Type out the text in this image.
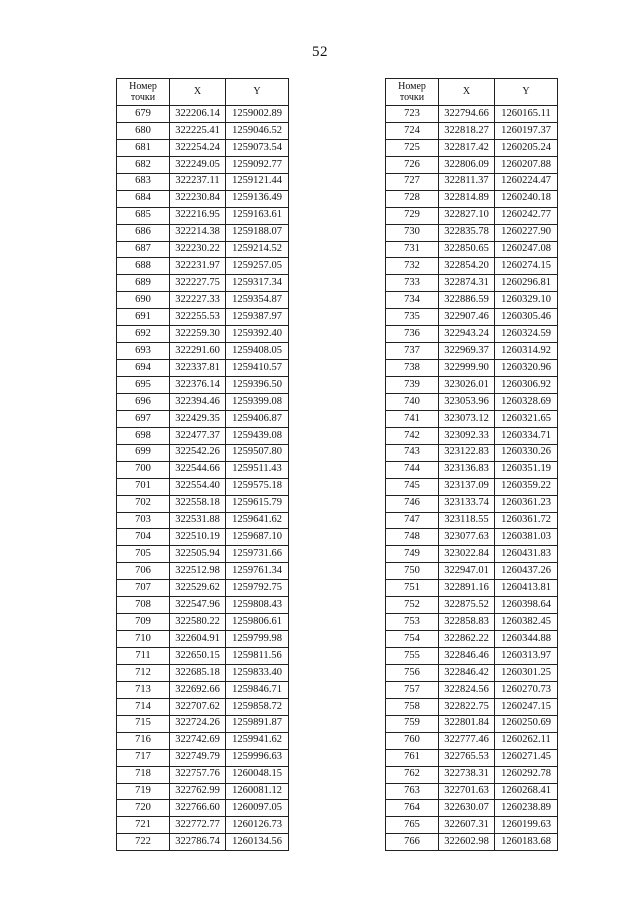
52
Номер
точки	X	Y
679	322206.14	1259002.89
680	322225.41	1259046.52
681	322254.24	1259073.54
682	322249.05	1259092.77
683	322237.11	1259121.44
684	322230.84	1259136.49
685	322216.95	1259163.61
686	322214.38	1259188.07
687	322230.22	1259214.52
688	322231.97	1259257.05
689	322227.75	1259317.34
690	322227.33	1259354.87
691	322255.53	1259387.97
692	322259.30	1259392.40
693	322291.60	1259408.05
694	322337.81	1259410.57
695	322376.14	1259396.50
696	322394.46	1259399.08
697	322429.35	1259406.87
698	322477.37	1259439.08
699	322542.26	1259507.80
700	322544.66	1259511.43
701	322554.40	1259575.18
702	322558.18	1259615.79
703	322531.88	1259641.62
704	322510.19	1259687.10
705	322505.94	1259731.66
706	322512.98	1259761.34
707	322529.62	1259792.75
708	322547.96	1259808.43
709	322580.22	1259806.61
710	322604.91	1259799.98
711	322650.15	1259811.56
712	322685.18	1259833.40
713	322692.66	1259846.71
714	322707.62	1259858.72
715	322724.26	1259891.87
716	322742.69	1259941.62
717	322749.79	1259996.63
718	322757.76	1260048.15
719	322762.99	1260081.12
720	322766.60	1260097.05
721	322772.77	1260126.73
722	322786.74	1260134.56
Номер
точки	X	Y
723	322794.66	1260165.11
724	322818.27	1260197.37
725	322817.42	1260205.24
726	322806.09	1260207.88
727	322811.37	1260224.47
728	322814.89	1260240.18
729	322827.10	1260242.77
730	322835.78	1260227.90
731	322850.65	1260247.08
732	322854.20	1260274.15
733	322874.31	1260296.81
734	322886.59	1260329.10
735	322907.46	1260305.46
736	322943.24	1260324.59
737	322969.37	1260314.92
738	322999.90	1260320.96
739	323026.01	1260306.92
740	323053.96	1260328.69
741	323073.12	1260321.65
742	323092.33	1260334.71
743	323122.83	1260330.26
744	323136.83	1260351.19
745	323137.09	1260359.22
746	323133.74	1260361.23
747	323118.55	1260361.72
748	323077.63	1260381.03
749	323022.84	1260431.83
750	322947.01	1260437.26
751	322891.16	1260413.81
752	322875.52	1260398.64
753	322858.83	1260382.45
754	322862.22	1260344.88
755	322846.46	1260313.97
756	322846.42	1260301.25
757	322824.56	1260270.73
758	322822.75	1260247.15
759	322801.84	1260250.69
760	322777.46	1260262.11
761	322765.53	1260271.45
762	322738.31	1260292.78
763	322701.63	1260268.41
764	322630.07	1260238.89
765	322607.31	1260199.63
766	322602.98	1260183.68
